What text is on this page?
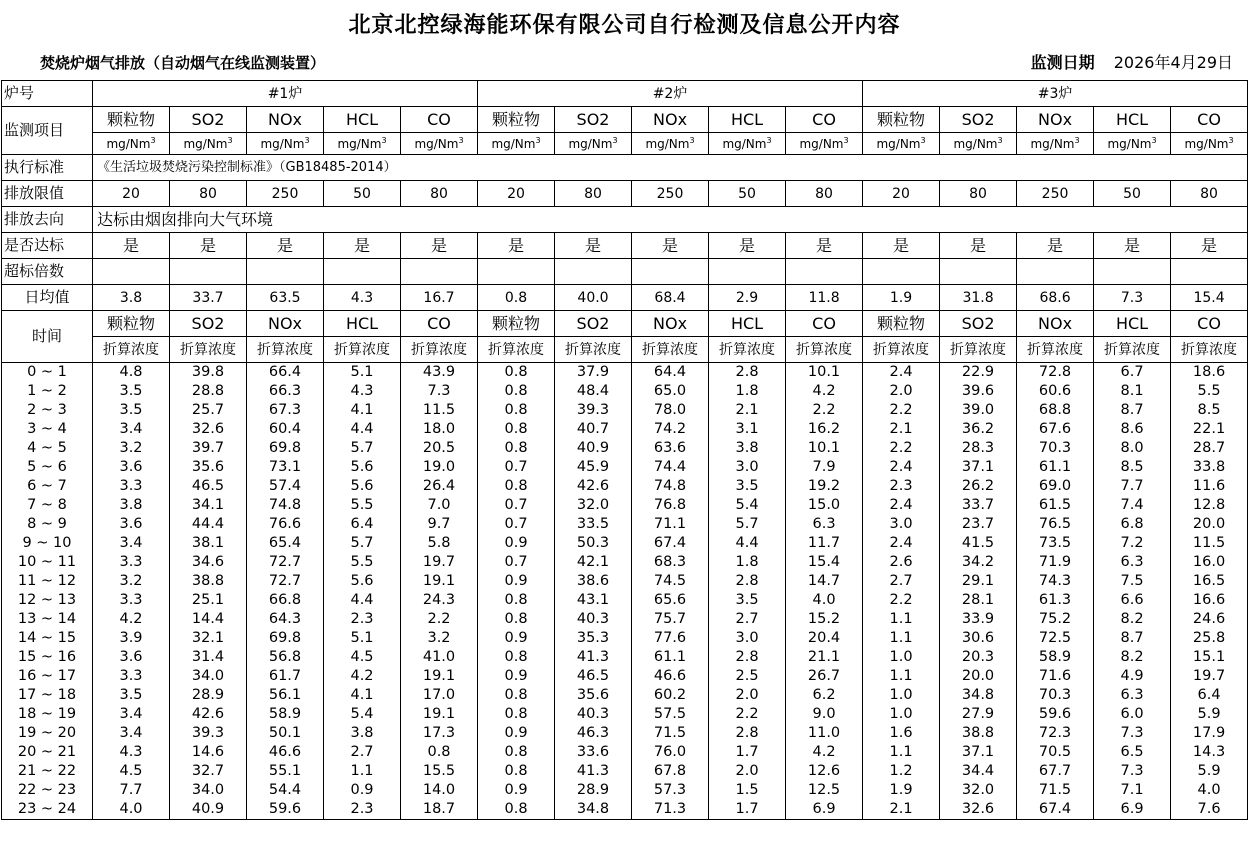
北京北控绿海能环保有限公司自行检测及信息公开内容
焚烧炉烟气排放（自动烟气在线监测装置）	监测日期 2026年4月29日
炉号	#1炉					#2炉					#3炉				
监测项目	颗粒物	SO2	NOx	HCL	CO	颗粒物	SO2	NOx	HCL	CO	颗粒物	SO2	NOx	HCL	CO
	mg/Nm$^3$	mg/Nm$^3$	mg/Nm$^3$	mg/Nm$^3$	mg/Nm$^3$	mg/Nm$^3$	mg/Nm$^3$	mg/Nm$^3$	mg/Nm$^3$	mg/Nm$^3$	mg/Nm$^3$	mg/Nm$^3$	mg/Nm$^3$	mg/Nm$^3$	mg/Nm$^3$
执行标准	《生活垃圾焚烧污染控制标准》（GB18485-2014）														
排放限值	20	80	250	50	80	20	80	250	50	80	20	80	250	50	80
排放去向	达标由烟囱排向大气环境														
是否达标	是	是	是	是	是	是	是	是	是	是	是	是	是	是	是
超标倍数															
日均值	3.8	33.7	63.5	4.3	16.7	0.8	40.0	68.4	2.9	11.8	1.9	31.8	68.6	7.3	15.4
时间	颗粒物	SO2	NOx	HCL	CO	颗粒物	SO2	NOx	HCL	CO	颗粒物	SO2	NOx	HCL	CO
	折算浓度	折算浓度	折算浓度	折算浓度	折算浓度	折算浓度	折算浓度	折算浓度	折算浓度	折算浓度	折算浓度	折算浓度	折算浓度	折算浓度	折算浓度
0 ~ 1	4.8	39.8	66.4	5.1	43.9	0.8	37.9	64.4	2.8	10.1	2.4	22.9	72.8	6.7	18.6
1 ~ 2	3.5	28.8	66.3	4.3	7.3	0.8	48.4	65.0	1.8	4.2	2.0	39.6	60.6	8.1	5.5
2 ~ 3	3.5	25.7	67.3	4.1	11.5	0.8	39.3	78.0	2.1	2.2	2.2	39.0	68.8	8.7	8.5
3 ~ 4	3.4	32.6	60.4	4.4	18.0	0.8	40.7	74.2	3.1	16.2	2.1	36.2	67.6	8.6	22.1
4 ~ 5	3.2	39.7	69.8	5.7	20.5	0.8	40.9	63.6	3.8	10.1	2.2	28.3	70.3	8.0	28.7
5 ~ 6	3.6	35.6	73.1	5.6	19.0	0.7	45.9	74.4	3.0	7.9	2.4	37.1	61.1	8.5	33.8
6 ~ 7	3.3	46.5	57.4	5.6	26.4	0.8	42.6	74.8	3.5	19.2	2.3	26.2	69.0	7.7	11.6
7 ~ 8	3.8	34.1	74.8	5.5	7.0	0.7	32.0	76.8	5.4	15.0	2.4	33.7	61.5	7.4	12.8
8 ~ 9	3.6	44.4	76.6	6.4	9.7	0.7	33.5	71.1	5.7	6.3	3.0	23.7	76.5	6.8	20.0
9 ~ 10	3.4	38.1	65.4	5.7	5.8	0.9	50.3	67.4	4.4	11.7	2.4	41.5	73.5	7.2	11.5
10 ~ 11	3.3	34.6	72.7	5.5	19.7	0.7	42.1	68.3	1.8	15.4	2.6	34.2	71.9	6.3	16.0
11 ~ 12	3.2	38.8	72.7	5.6	19.1	0.9	38.6	74.5	2.8	14.7	2.7	29.1	74.3	7.5	16.5
12 ~ 13	3.3	25.1	66.8	4.4	24.3	0.8	43.1	65.6	3.5	4.0	2.2	28.1	61.3	6.6	16.6
13 ~ 14	4.2	14.4	64.3	2.3	2.2	0.8	40.3	75.7	2.7	15.2	1.1	33.9	75.2	8.2	24.6
14 ~ 15	3.9	32.1	69.8	5.1	3.2	0.9	35.3	77.6	3.0	20.4	1.1	30.6	72.5	8.7	25.8
15 ~ 16	3.6	31.4	56.8	4.5	41.0	0.8	41.3	61.1	2.8	21.1	1.0	20.3	58.9	8.2	15.1
16 ~ 17	3.3	34.0	61.7	4.2	19.1	0.9	46.5	46.6	2.5	26.7	1.1	20.0	71.6	4.9	19.7
17 ~ 18	3.5	28.9	56.1	4.1	17.0	0.8	35.6	60.2	2.0	6.2	1.0	34.8	70.3	6.3	6.4
18 ~ 19	3.4	42.6	58.9	5.4	19.1	0.8	40.3	57.5	2.2	9.0	1.0	27.9	59.6	6.0	5.9
19 ~ 20	3.4	39.3	50.1	3.8	17.3	0.9	46.3	71.5	2.8	11.0	1.6	38.8	72.3	7.3	17.9
20 ~ 21	4.3	14.6	46.6	2.7	0.8	0.8	33.6	76.0	1.7	4.2	1.1	37.1	70.5	6.5	14.3
21 ~ 22	4.5	32.7	55.1	1.1	15.5	0.8	41.3	67.8	2.0	12.6	1.2	34.4	67.7	7.3	5.9
22 ~ 23	7.7	34.0	54.4	0.9	14.0	0.9	28.9	57.3	1.5	12.5	1.9	32.0	71.5	7.1	4.0
23 ~ 24	4.0	40.9	59.6	2.3	18.7	0.8	34.8	71.3	1.7	6.9	2.1	32.6	67.4	6.9	7.6
